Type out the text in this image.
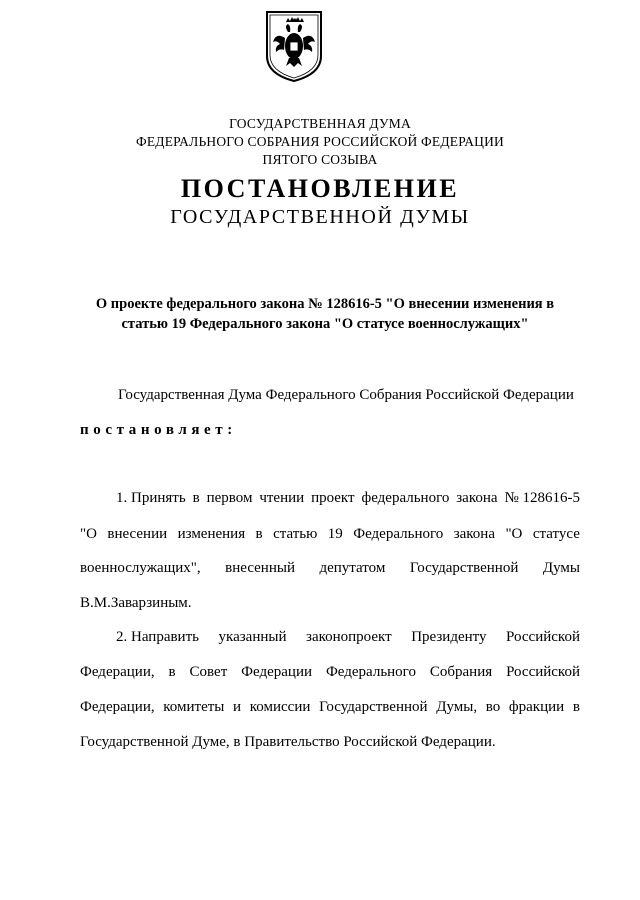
ГОСУДАРСТВЕННАЯ ДУМА
ФЕДЕРАЛЬНОГО СОБРАНИЯ РОССИЙСКОЙ ФЕДЕРАЦИИ
ПЯТОГО СОЗЫВА
ПОСТАНОВЛЕНИЕ
ГОСУДАРСТВЕННОЙ ДУМЫ
О проекте федерального закона № 128616-5 "О внесении изменения в
статью 19 Федерального закона "О статусе военнослужащих"
Государственная Дума Федерального Собрания Российской Федерации
постановляет:
1. Принять в первом чтении проект федерального закона № 128616-5
"О внесении изменения в статью 19 Федерального закона "О статусе
военнослужащих", внесенный депутатом Государственной Думы
В.М.Заварзиным.
2. Направить указанный законопроект Президенту Российской
Федерации, в Совет Федерации Федерального Собрания Российской
Федерации, комитеты и комиссии Государственной Думы, во фракции в
Государственной Думе, в Правительство Российской Федерации.
